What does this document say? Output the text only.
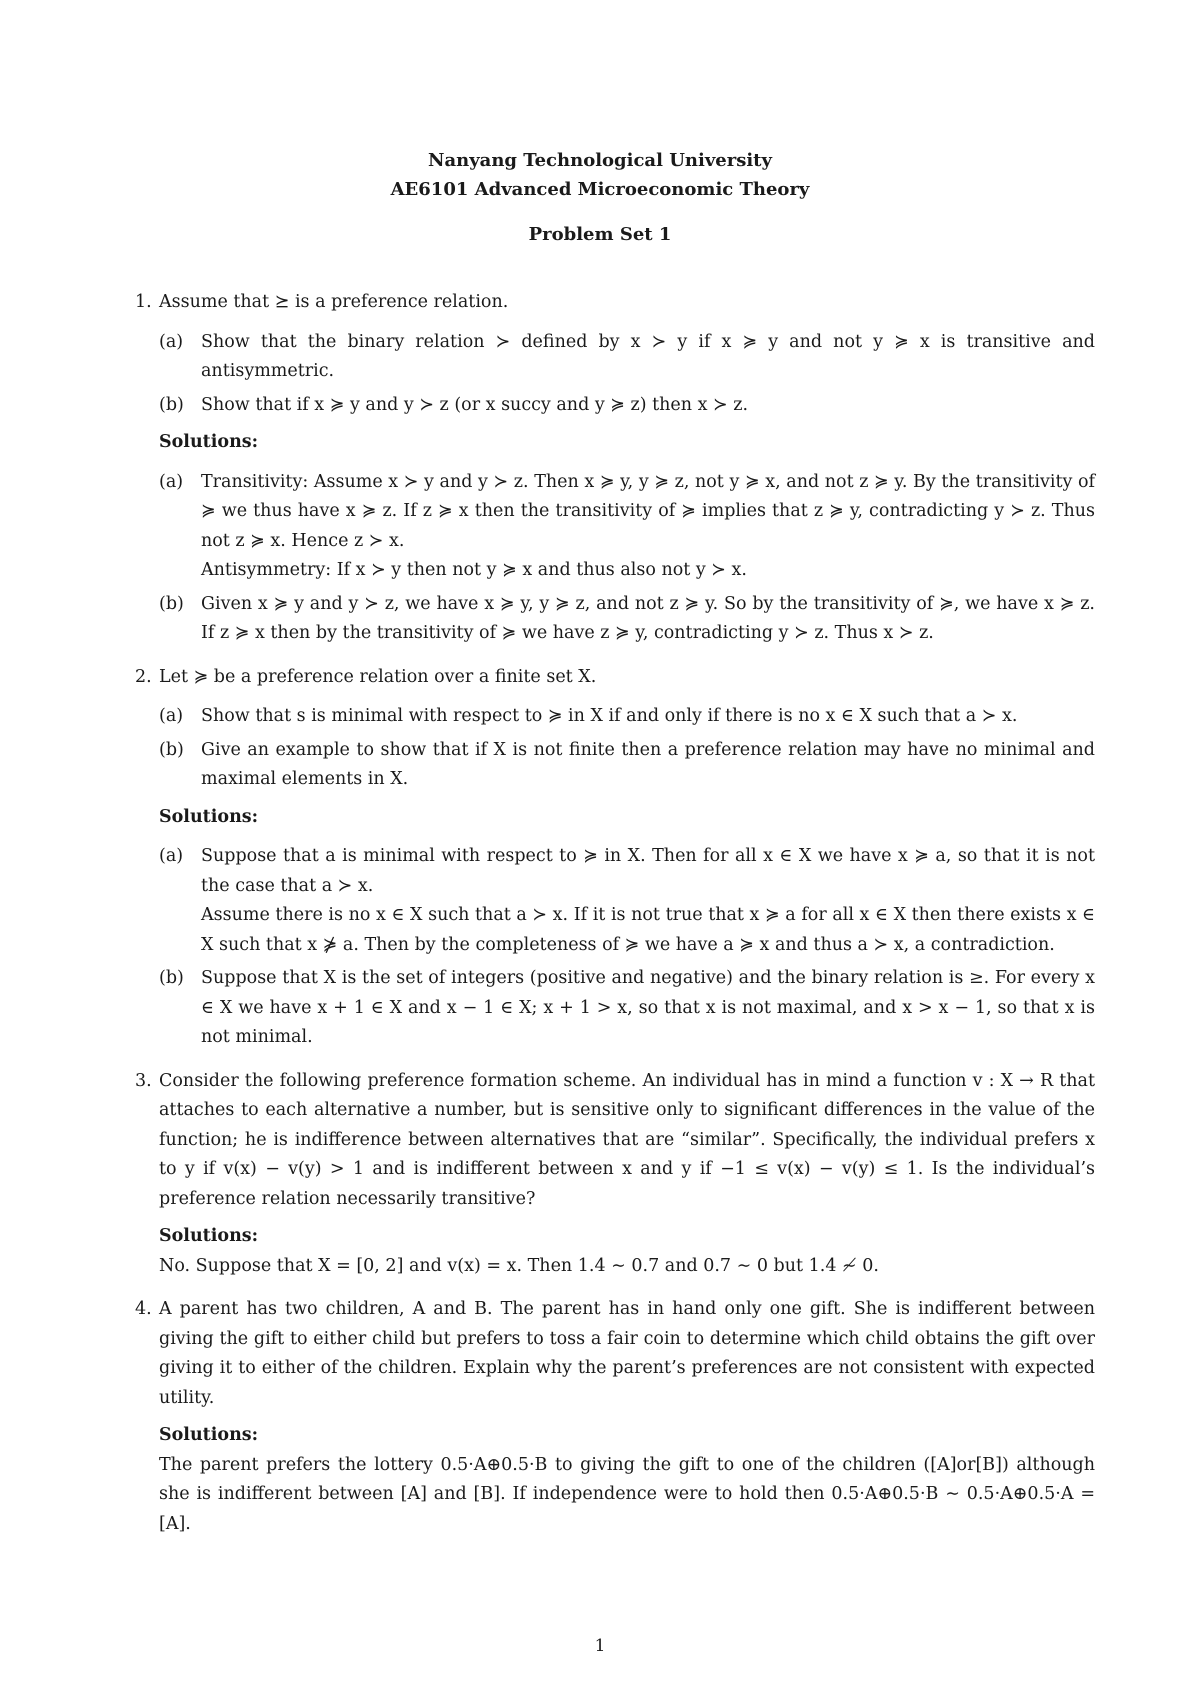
Nanyang Technological University
AE6101 Advanced Microeconomic Theory
Problem Set 1
1. Assume that ⪰ is a preference relation.
(a) Show that the binary relation ≻ defined by x ≻ y if x ≽ y and not y ≽ x is transitive and antisymmetric.
(b) Show that if x ≽ y and y ≻ z (or x succy and y ≽ z) then x ≻ z.
Solutions:
(a) Transitivity: Assume x ≻ y and y ≻ z. Then x ≽ y, y ≽ z, not y ≽ x, and not z ≽ y. By the transitivity of ≽ we thus have x ≽ z. If z ≽ x then the transitivity of ≽ implies that z ≽ y, contradicting y ≻ z. Thus not z ≽ x. Hence z ≻ x.
Antisymmetry: If x ≻ y then not y ≽ x and thus also not y ≻ x.
(b) Given x ≽ y and y ≻ z, we have x ≽ y, y ≽ z, and not z ≽ y. So by the transitivity of ≽, we have x ≽ z. If z ≽ x then by the transitivity of ≽ we have z ≽ y, contradicting y ≻ z. Thus x ≻ z.
2. Let ≽ be a preference relation over a finite set X.
(a) Show that s is minimal with respect to ≽ in X if and only if there is no x ∈ X such that a ≻ x.
(b) Give an example to show that if X is not finite then a preference relation may have no minimal and maximal elements in X.
Solutions:
(a) Suppose that a is minimal with respect to ≽ in X. Then for all x ∈ X we have x ≽ a, so that it is not the case that a ≻ x.
Assume there is no x ∈ X such that a ≻ x. If it is not true that x ≽ a for all x ∈ X then there exists x ∈ X such that x ⋡ a. Then by the completeness of ≽ we have a ≽ x and thus a ≻ x, a contradiction.
(b) Suppose that X is the set of integers (positive and negative) and the binary relation is ≥. For every x ∈ X we have x + 1 ∈ X and x − 1 ∈ X; x + 1 > x, so that x is not maximal, and x > x − 1, so that x is not minimal.
3. Consider the following preference formation scheme. An individual has in mind a function v : X → R that attaches to each alternative a number, but is sensitive only to significant differences in the value of the function; he is indifference between alternatives that are “similar”. Specifically, the individual prefers x to y if v(x) − v(y) > 1 and is indifferent between x and y if −1 ≤ v(x) − v(y) ≤ 1. Is the individual’s preference relation necessarily transitive?
Solutions:
No. Suppose that X = [0, 2] and v(x) = x. Then 1.4 ∼ 0.7 and 0.7 ∼ 0 but 1.4 ≁ 0.
4. A parent has two children, A and B. The parent has in hand only one gift. She is indifferent between giving the gift to either child but prefers to toss a fair coin to determine which child obtains the gift over giving it to either of the children. Explain why the parent’s preferences are not consistent with expected utility.
Solutions:
The parent prefers the lottery 0.5·A⊕0.5·B to giving the gift to one of the children ([A]or[B]) although she is indifferent between [A] and [B]. If independence were to hold then 0.5·A⊕0.5·B ∼ 0.5·A⊕0.5·A = [A].
1
